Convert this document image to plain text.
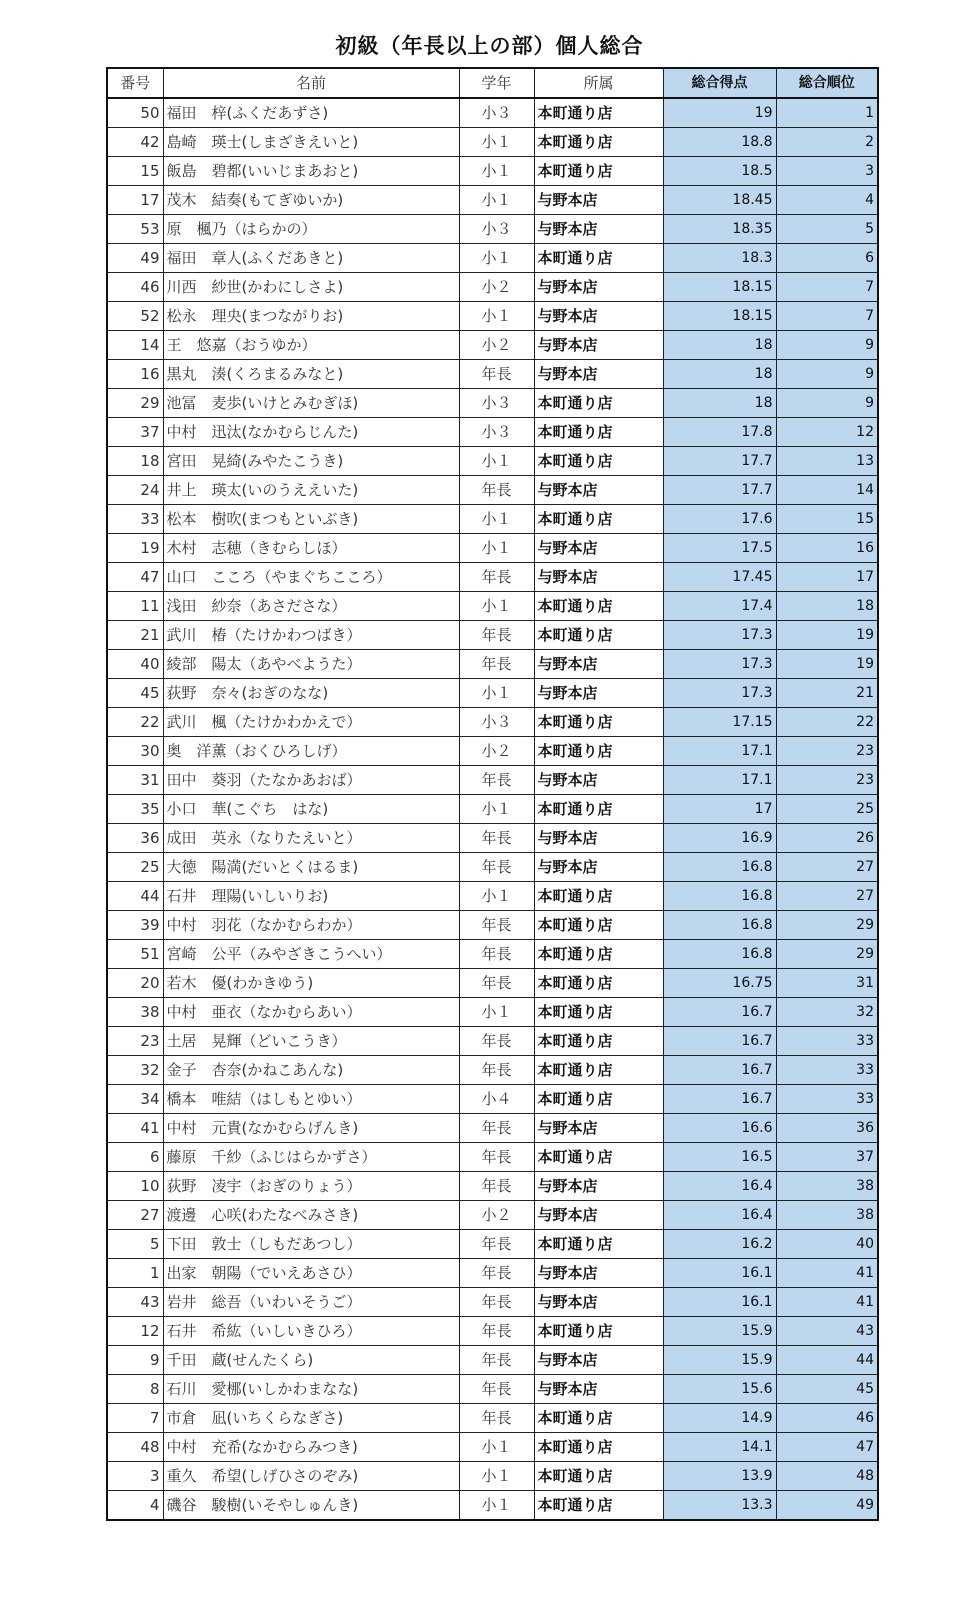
初級（年長以上の部）個人総合
番号	名前	学年	所属	総合得点	総合順位
50	福田　梓(ふくだあずさ)	小３	本町通り店	19	1
42	島崎　瑛士(しまざきえいと)	小１	本町通り店	18.8	2
15	飯島　碧都(いいじまあおと)	小１	本町通り店	18.5	3
17	茂木　結奏(もてぎゆいか)	小１	与野本店	18.45	4
53	原　楓乃（はらかの）	小３	与野本店	18.35	5
49	福田　章人(ふくだあきと)	小１	本町通り店	18.3	6
46	川西　紗世(かわにしさよ)	小２	与野本店	18.15	7
52	松永　理央(まつながりお)	小１	与野本店	18.15	7
14	王　悠嘉（おうゆか）	小２	与野本店	18	9
16	黒丸　湊(くろまるみなと)	年長	与野本店	18	9
29	池冨　麦歩(いけとみむぎほ)	小３	本町通り店	18	9
37	中村　迅汰(なかむらじんた)	小３	本町通り店	17.8	12
18	宮田　晃綺(みやたこうき)	小１	本町通り店	17.7	13
24	井上　瑛太(いのうええいた)	年長	与野本店	17.7	14
33	松本　樹吹(まつもといぶき)	小１	本町通り店	17.6	15
19	木村　志穂（きむらしほ）	小１	与野本店	17.5	16
47	山口　こころ（やまぐちこころ）	年長	与野本店	17.45	17
11	浅田　紗奈（あさださな）	小１	本町通り店	17.4	18
21	武川　椿（たけかわつばき）	年長	本町通り店	17.3	19
40	綾部　陽太（あやべようた）	年長	与野本店	17.3	19
45	荻野　奈々(おぎのなな)	小１	与野本店	17.3	21
22	武川　楓（たけかわかえで）	小３	本町通り店	17.15	22
30	奥　洋薫（おくひろしげ）	小２	本町通り店	17.1	23
31	田中　葵羽（たなかあおば）	年長	与野本店	17.1	23
35	小口　華(こぐち　はな)	小１	本町通り店	17	25
36	成田　英永（なりたえいと）	年長	与野本店	16.9	26
25	大徳　陽満(だいとくはるま)	年長	与野本店	16.8	27
44	石井　理陽(いしいりお)	小１	本町通り店	16.8	27
39	中村　羽花（なかむらわか）	年長	本町通り店	16.8	29
51	宮崎　公平（みやざきこうへい）	年長	本町通り店	16.8	29
20	若木　優(わかきゆう)	年長	本町通り店	16.75	31
38	中村　亜衣（なかむらあい）	小１	本町通り店	16.7	32
23	土居　晃輝（どいこうき）	年長	本町通り店	16.7	33
32	金子　杏奈(かねこあんな)	年長	本町通り店	16.7	33
34	橋本　唯結（はしもとゆい）	小４	本町通り店	16.7	33
41	中村　元貴(なかむらげんき)	年長	与野本店	16.6	36
6	藤原　千紗（ふじはらかずさ）	年長	本町通り店	16.5	37
10	荻野　凌宇（おぎのりょう）	年長	与野本店	16.4	38
27	渡邊　心咲(わたなべみさき)	小２	与野本店	16.4	38
5	下田　敦士（しもだあつし）	年長	本町通り店	16.2	40
1	出家　朝陽（でいえあさひ）	年長	与野本店	16.1	41
43	岩井　総吾（いわいそうご）	年長	与野本店	16.1	41
12	石井　希紘（いしいきひろ）	年長	本町通り店	15.9	43
9	千田　蔵(せんたくら)	年長	与野本店	15.9	44
8	石川　愛梛(いしかわまなな)	年長	与野本店	15.6	45
7	市倉　凪(いちくらなぎさ)	年長	本町通り店	14.9	46
48	中村　充希(なかむらみつき)	小１	本町通り店	14.1	47
3	重久　希望(しげひさのぞみ)	小１	本町通り店	13.9	48
4	磯谷　駿樹(いそやしゅんき)	小１	本町通り店	13.3	49
